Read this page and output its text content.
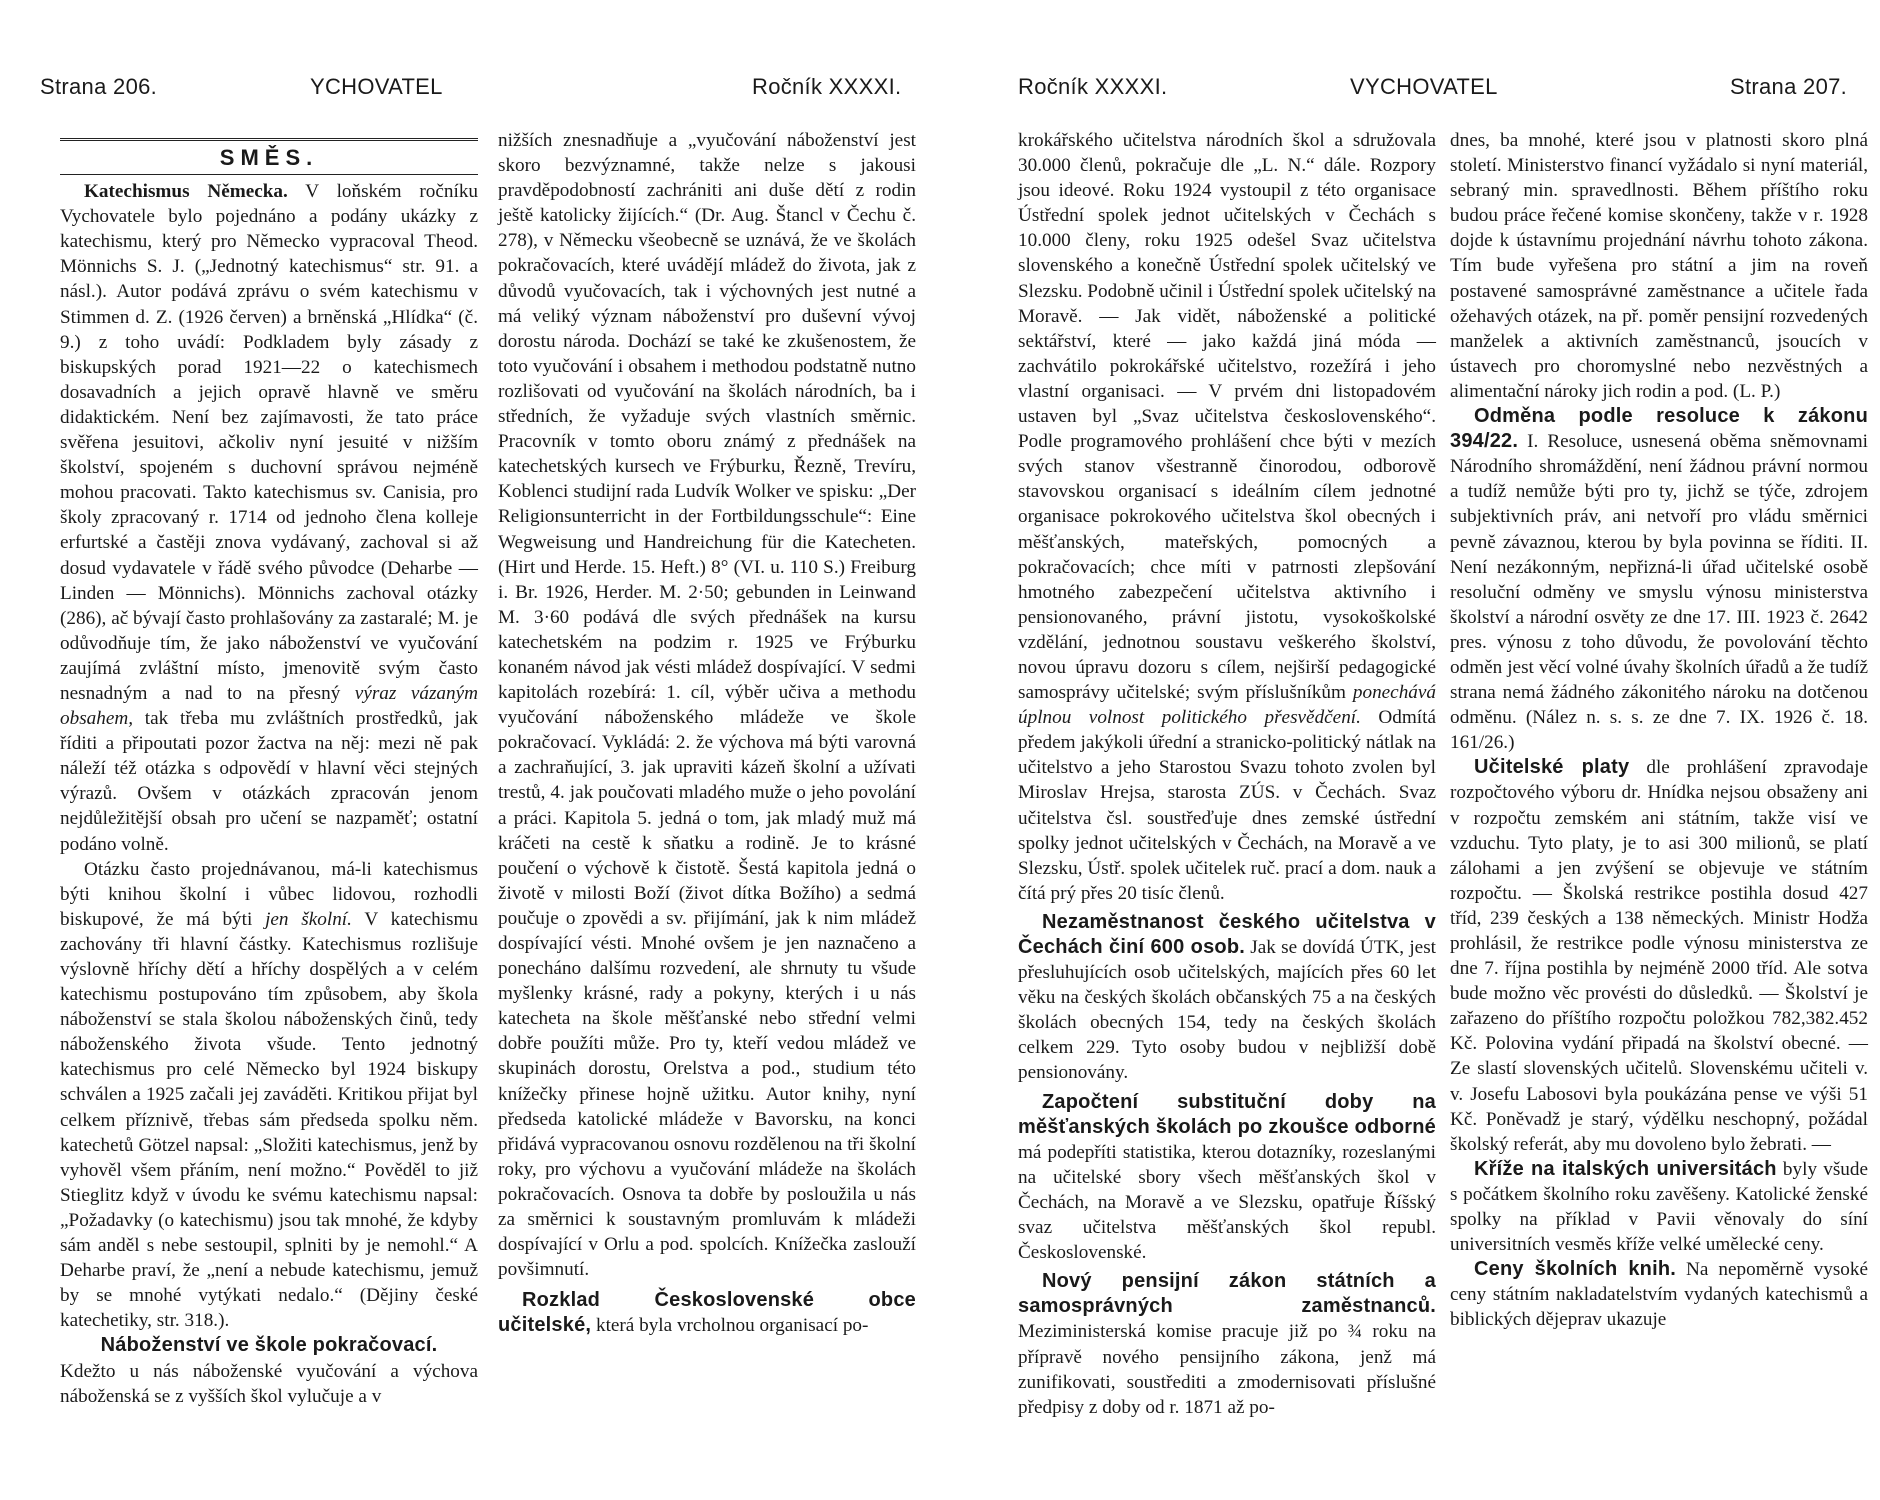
Strana 206.	YCHOVATEL	Ročník XXXXI.
SMĚS.

Katechismus Německa. V loňském ročníku Vychovatele bylo pojednáno a podány ukázky z katechismu, který pro Německo vypracoval Theod. Mönnichs S. J. („Jednotný katechismus“ str. 91. a násl.). Autor podává zprávu o svém katechismu v Stimmen d. Z. (1926 červen) a brněnská „Hlídka“ (č. 9.) z toho uvádí: Podkladem byly zásady z biskupských porad 1921—22 o katechismech dosavadních a jejich opravě hlavně ve směru didaktickém. Není bez zajímavosti, že tato práce svěřena jesuitovi, ačkoliv nyní jesuité v nižším školství, spojeném s duchovní správou nejméně mohou pracovati. Takto katechismus sv. Canisia, pro školy zpracovaný r. 1714 od jednoho člena kolleje erfurtské a častěji znova vydávaný, zachoval si až dosud vydavatele v řádě svého původce (Deharbe — Linden — Mönnichs). Mönnichs zachoval otázky (286), ač bývají často prohlašovány za zastaralé; M. je odůvodňuje tím, že jako náboženství ve vyučování zaujímá zvláštní místo, jmenovitě svým často nesnadným a nad to na přesný výraz vázaným obsahem, tak třeba mu zvláštních prostředků, jak říditi a připoutati pozor žactva na něj: mezi ně pak náleží též otázka s odpovědí v hlavní věci stejných výrazů. Ovšem v otázkách zpracován jenom nejdůležitější obsah pro učení se nazpaměť; ostatní podáno volně.

Otázku často projednávanou, má-li katechismus býti knihou školní i vůbec lidovou, rozhodli biskupové, že má býti jen školní. V katechismu zachovány tři hlavní částky. Katechismus rozlišuje výslovně hříchy dětí a hříchy dospělých a v celém katechismu postupováno tím způsobem, aby škola náboženství se stala školou náboženských činů, tedy náboženského života všude. Tento jednotný katechismus pro celé Německo byl 1924 biskupy schválen a 1925 začali jej zaváděti. Kritikou přijat byl celkem příznivě, třebas sám předseda spolku něm. katechetů Götzel napsal: „Složiti katechismus, jenž by vyhověl všem přáním, není možno.“ Pověděl to již Stieglitz když v úvodu ke svému katechismu napsal: „Požadavky (o katechismu) jsou tak mnohé, že kdyby sám anděl s nebe sestoupil, splniti by je nemohl.“ A Deharbe praví, že „není a nebude katechismu, jemuž by se mnohé vytýkati nedalo.“ (Dějiny české katechetiky, str. 318.).

Náboženství ve škole pokračovací.

Kdežto u nás náboženské vyučování a výchova náboženská se z vyšších škol vylučuje a v

nižších znesnadňuje a „vyučování náboženství jest skoro bezvýznamné, takže nelze s jakousi pravděpodobností zachrániti ani duše dětí z rodin ještě katolicky žijících.“ (Dr. Aug. Štancl v Čechu č. 278), v Německu všeobecně se uznává, že ve školách pokračovacích, které uvádějí mládež do života, jak z důvodů vyučovacích, tak i výchovných jest nutné a má veliký význam náboženství pro duševní vývoj dorostu národa. Dochází se také ke zkušenostem, že toto vyučování i obsahem i methodou podstatně nutno rozlišovati od vyučování na školách národních, ba i středních, že vyžaduje svých vlastních směrnic. Pracovník v tomto oboru známý z přednášek na katechetských kursech ve Frýburku, Řezně, Trevíru, Koblenci studijní rada Ludvík Wolker ve spisku: „Der Religionsunterricht in der Fortbildungsschule“: Eine Wegweisung und Handreichung für die Katecheten. (Hirt und Herde. 15. Heft.) 8° (VI. u. 110 S.) Freiburg i. Br. 1926, Herder. M. 2·50; gebunden in Leinwand M. 3·60 podává dle svých přednášek na kursu katechetském na podzim r. 1925 ve Frýburku konaném návod jak vésti mládež dospívající. V sedmi kapitolách rozebírá: 1. cíl, výběr učiva a methodu vyučování náboženského mládeže ve škole pokračovací. Vykládá: 2. že výchova má býti varovná a zachraňující, 3. jak upraviti kázeň školní a užívati trestů, 4. jak poučovati mladého muže o jeho povolání a práci. Kapitola 5. jedná o tom, jak mladý muž má kráčeti na cestě k sňatku a rodině. Je to krásné poučení o výchově k čistotě. Šestá kapitola jedná o životě v milosti Boží (život dítka Božího) a sedmá poučuje o zpovědi a sv. přijímání, jak k nim mládež dospívající vésti. Mnohé ovšem je jen naznačeno a ponecháno dalšímu rozvedení, ale shrnuty tu všude myšlenky krásné, rady a pokyny, kterých i u nás katecheta na škole měšťanské nebo střední velmi dobře použíti může. Pro ty, kteří vedou mládež ve skupinách dorostu, Orelstva a pod., studium této knížečky přinese hojně užitku. Autor knihy, nyní předseda katolické mládeže v Bavorsku, na konci přidává vypracovanou osnovu rozdělenou na tři školní roky, pro výchovu a vyučování mládeže na školách pokračovacích. Osnova ta dobře by posloužila u nás za směrnici k soustavným promluvám k mládeži dospívající v Orlu a pod. spolcích. Knížečka zaslouží povšimnutí.

Rozklad Československé obce učitelské, která byla vrcholnou organisací po-

Ročník XXXXI.	VYCHOVATEL	Strana 207.

krokářského učitelstva národních škol a sdružovala 30.000 členů, pokračuje dle „L. N.“ dále. Rozpory jsou ideové. Roku 1924 vystoupil z této organisace Ústřední spolek jednot učitelských v Čechách s 10.000 členy, roku 1925 odešel Svaz učitelstva slovenského a konečně Ústřední spolek učitelský ve Slezsku. Podobně učinil i Ústřední spolek učitelský na Moravě. — Jak vidět, náboženské a politické sektářství, které — jako každá jiná móda — zachvátilo pokrokářské učitelstvo, rozežírá i jeho vlastní organisaci. — V prvém dni listopadovém ustaven byl „Svaz učitelstva československého“. Podle programového prohlášení chce býti v mezích svých stanov všestranně činorodou, odborově stavovskou organisací s ideálním cílem jednotné organisace pokrokového učitelstva škol obecných i měšťanských, mateřských, pomocných a pokračovacích; chce míti v patrnosti zlepšování hmotného zabezpečení učitelstva aktivního i pensionovaného, právní jistotu, vysokoškolské vzdělání, jednotnou soustavu veškerého školství, novou úpravu dozoru s cílem, nejširší pedagogické samosprávy učitelské; svým příslušníkům ponechává úplnou volnost politického přesvědčení. Odmítá předem jakýkoli úřední a stranicko-politický nátlak na učitelstvo a jeho Starostou Svazu tohoto zvolen byl Miroslav Hrejsa, starosta ZÚS. v Čechách. Svaz učitelstva čsl. soustřeďuje dnes zemské ústřední spolky jednot učitelských v Čechách, na Moravě a ve Slezsku, Ústř. spolek učitelek ruč. prací a dom. nauk a čítá prý přes 20 tisíc členů.

Nezaměstnanost českého učitelstva v Čechách činí 600 osob. Jak se dovídá ÚTK, jest přesluhujících osob učitelských, majících přes 60 let věku na českých školách občanských 75 a na českých školách obecných 154, tedy na českých školách celkem 229. Tyto osoby budou v nejbližší době pensionovány.

Započtení substituční doby na měšťanských školách po zkoušce odborné má podepříti statistika, kterou dotazníky, rozeslanými na učitelské sbory všech měšťanských škol v Čechách, na Moravě a ve Slezsku, opatřuje Říšský svaz učitelstva měšťanských škol republ. Československé.

Nový pensijní zákon státních a samosprávných zaměstnanců. Meziministerská komise pracuje již po ¾ roku na přípravě nového pensijního zákona, jenž má zunifikovati, soustřediti a zmodernisovati příslušné předpisy z doby od r. 1871 až po-

dnes, ba mnohé, které jsou v platnosti skoro plná století. Ministerstvo financí vyžádalo si nyní materiál, sebraný min. spravedlnosti. Během příštího roku budou práce řečené komise skončeny, takže v r. 1928 dojde k ústavnímu projednání návrhu tohoto zákona. Tím bude vyřešena pro státní a jim na roveň postavené samosprávné zaměstnance a učitele řada ožehavých otázek, na př. poměr pensijní rozvedených manželek a aktivních zaměstnanců, jsoucích v ústavech pro choromyslné nebo nezvěstných a alimentační nároky jich rodin a pod. (L. P.)

Odměna podle resoluce k zákonu 394/22. I. Resoluce, usnesená oběma sněmovnami Národního shromáždění, není žádnou právní normou a tudíž nemůže býti pro ty, jichž se týče, zdrojem subjektivních práv, ani netvoří pro vládu směrnici pevně závaznou, kterou by byla povinna se říditi. II. Není nezákonným, nepřizná-li úřad učitelské osobě resoluční odměny ve smyslu výnosu ministerstva školství a národní osvěty ze dne 17. III. 1923 č. 2642 pres. výnosu z toho důvodu, že povolování těchto odměn jest věcí volné úvahy školních úřadů a že tudíž strana nemá žádného zákonitého nároku na dotčenou odměnu. (Nález n. s. s. ze dne 7. IX. 1926 č. 18. 161/26.)

Učitelské platy dle prohlášení zpravodaje rozpočtového výboru dr. Hnídka nejsou obsaženy ani v rozpočtu zemském ani státním, takže visí ve vzduchu. Tyto platy, je to asi 300 milionů, se platí zálohami a jen zvýšení se objevuje ve státním rozpočtu. — Školská restrikce postihla dosud 427 tříd, 239 českých a 138 německých. Ministr Hodža prohlásil, že restrikce podle výnosu ministerstva ze dne 7. října postihla by nejméně 2000 tříd. Ale sotva bude možno věc provésti do důsledků. — Školství je zařazeno do příštího rozpočtu položkou 782,382.452 Kč. Polovina vydání připadá na školství obecné. — Ze slastí slovenských učitelů. Slovenskému učiteli v. v. Josefu Labosovi byla poukázána pense ve výši 51 Kč. Poněvadž je starý, výdělku neschopný, požádal školský referát, aby mu dovoleno bylo žebrati. —

Kříže na italských universitách byly všude s počátkem školního roku zavěšeny. Katolické ženské spolky na příklad v Pavii věnovaly do síní universitních vesměs kříže velké umělecké ceny.

Ceny školních knih. Na nepoměrně vysoké ceny státním nakladatelstvím vydaných katechismů a biblických dějeprav ukazuje
